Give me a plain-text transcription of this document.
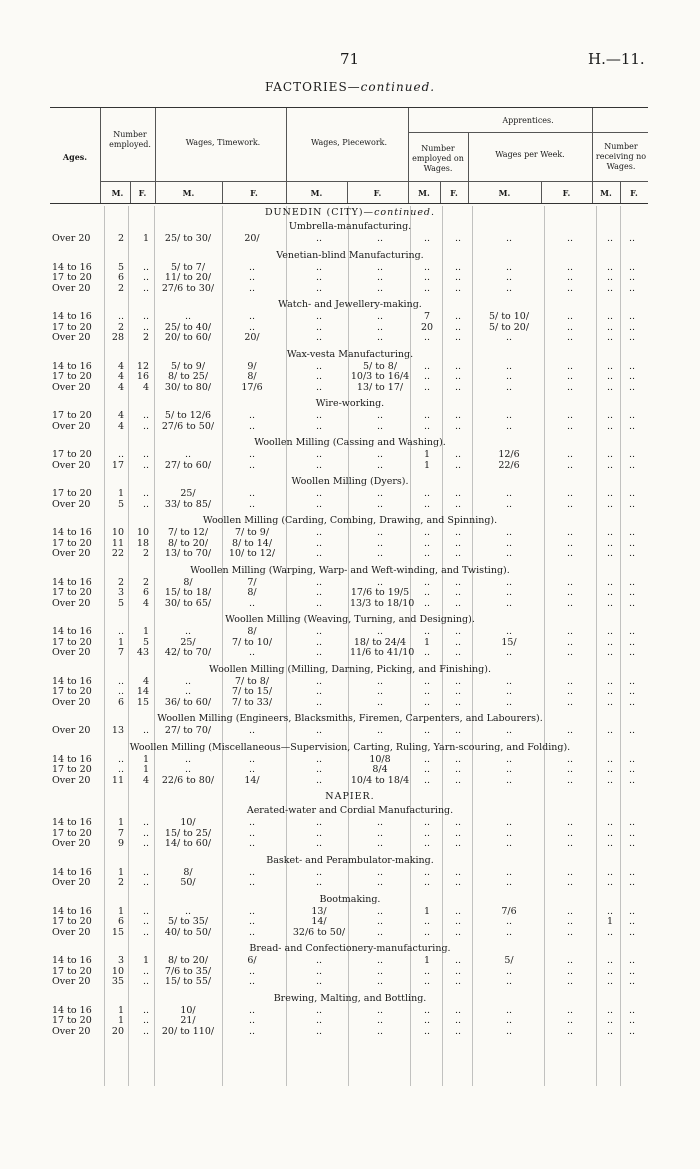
71	H.—11.
FACTORIES—continued.
Ages.
Number employed.	Wages, Timework.	Wages, Piecework.
Apprentices.
Number employed on Wages.
Wages per Week.
Number receiving no Wages.
M.	F.	M.	F.	M.	F.	M.	F.	M.	F.	M.	F.
DUNEDIN (CITY)—continued.
Umbrella-manufacturing.
Over 20	2	1	25/ to 30/	20/	..	..	..	..	..	..	..	..
Venetian-blind Manufacturing.
14 to 16	5	..	5/ to 7/	..	..	..	..	..	..	..	..	..
17 to 20	6	..	11/ to 20/	..	..	..	..	..	..	..	..	..
Over 20	2	..	27/6 to 30/	..	..	..	..	..	..	..	..	..
Watch- and Jewellery-making.
14 to 16	..	..	..	..	..	..	7	..	5/ to 10/	..	..	..
17 to 20	2	..	25/ to 40/	..	..	..	20	..	5/ to 20/	..	..	..
Over 20	28	2	20/ to 60/	20/	..	..	..	..	..	..	..	..
Wax-vesta Manufacturing.
14 to 16	4	12	5/ to 9/	9/	..	5/ to 8/	..	..	..	..	..	..
17 to 20	4	16	8/ to 25/	8/	..	10/3 to 16/4	..	..	..	..	..	..
Over 20	4	4	30/ to 80/	17/6	..	13/ to 17/	..	..	..	..	..	..
Wire-working.
17 to 20	4	..	5/ to 12/6	..	..	..	..	..	..	..	..	..
Over 20	4	..	27/6 to 50/	..	..	..	..	..	..	..	..	..
Woollen Milling (Cassing and Washing).
17 to 20	..	..	..	..	..	..	1	..	12/6	..	..	..
Over 20	17	..	27/ to 60/	..	..	..	1	..	22/6	..	..	..
Woollen Milling (Dyers).
17 to 20	1	..	25/	..	..	..	..	..	..	..	..	..
Over 20	5	..	33/ to 85/	..	..	..	..	..	..	..	..	..
Woollen Milling (Carding, Combing, Drawing, and Spinning).
14 to 16	10	10	7/ to 12/	7/ to 9/	..	..	..	..	..	..	..	..
17 to 20	11	18	8/ to 20/	8/ to 14/	..	..	..	..	..	..	..	..
Over 20	22	2	13/ to 70/	10/ to 12/	..	..	..	..	..	..	..	..
Woollen Milling (Warping, Warp- and Weft-winding, and Twisting).
14 to 16	2	2	8/	7/	..	..	..	..	..	..	..	..
17 to 20	3	6	15/ to 18/	8/	..	17/6 to 19/5	..	..	..	..	..	..
Over 20	5	4	30/ to 65/	..	..	13/3 to 18/10	..	..	..	..	..	..
Woollen Milling (Weaving, Turning, and Designing).
14 to 16	..	1	..	8/	..	..	..	..	..	..	..	..
17 to 20	1	5	25/	7/ to 10/	..	18/ to 24/4	1	..	15/	..	..	..
Over 20	7	43	42/ to 70/	..	..	11/6 to 41/10	..	..	..	..	..	..
Woollen Milling (Milling, Darning, Picking, and Finishing).
14 to 16	..	4	..	7/ to 8/	..	..	..	..	..	..	..	..
17 to 20	..	14	..	7/ to 15/	..	..	..	..	..	..	..	..
Over 20	6	15	36/ to 60/	7/ to 33/	..	..	..	..	..	..	..	..
Woollen Milling (Engineers, Blacksmiths, Firemen, Carpenters, and Labourers).
Over 20	13	..	27/ to 70/	..	..	..	..	..	..	..	..	..
Woollen Milling (Miscellaneous—Supervision, Carting, Ruling, Yarn-scouring, and Folding).
14 to 16	..	1	..	..	..	10/8	..	..	..	..	..	..
17 to 20	..	1	..	..	..	8/4	..	..	..	..	..	..
Over 20	11	4	22/6 to 80/	14/	..	10/4 to 18/4	..	..	..	..	..	..
NAPIER.
Aerated-water and Cordial Manufacturing.
14 to 16	1	..	10/	..	..	..	..	..	..	..	..	..
17 to 20	7	..	15/ to 25/	..	..	..	..	..	..	..	..	..
Over 20	9	..	14/ to 60/	..	..	..	..	..	..	..	..	..
Basket- and Perambulator-making.
14 to 16	1	..	8/	..	..	..	..	..	..	..	..	..
Over 20	2	..	50/	..	..	..	..	..	..	..	..	..
Bootmaking.
14 to 16	1	..	..	..	13/	..	1	..	7/6	..	..	..
17 to 20	6	..	5/ to 35/	..	14/	..	..	..	..	..	1	..
Over 20	15	..	40/ to 50/	..	32/6 to 50/	..	..	..	..	..	..	..
Bread- and Confectionery-manufacturing.
14 to 16	3	1	8/ to 20/	6/	..	..	1	..	5/	..	..	..
17 to 20	10	..	7/6 to 35/	..	..	..	..	..	..	..	..	..
Over 20	35	..	15/ to 55/	..	..	..	..	..	..	..	..	..
Brewing, Malting, and Bottling.
14 to 16	1	..	10/	..	..	..	..	..	..	..	..	..
17 to 20	1	..	21/	..	..	..	..	..	..	..	..	..
Over 20	20	..	20/ to 110/	..	..	..	..	..	..	..	..	..
